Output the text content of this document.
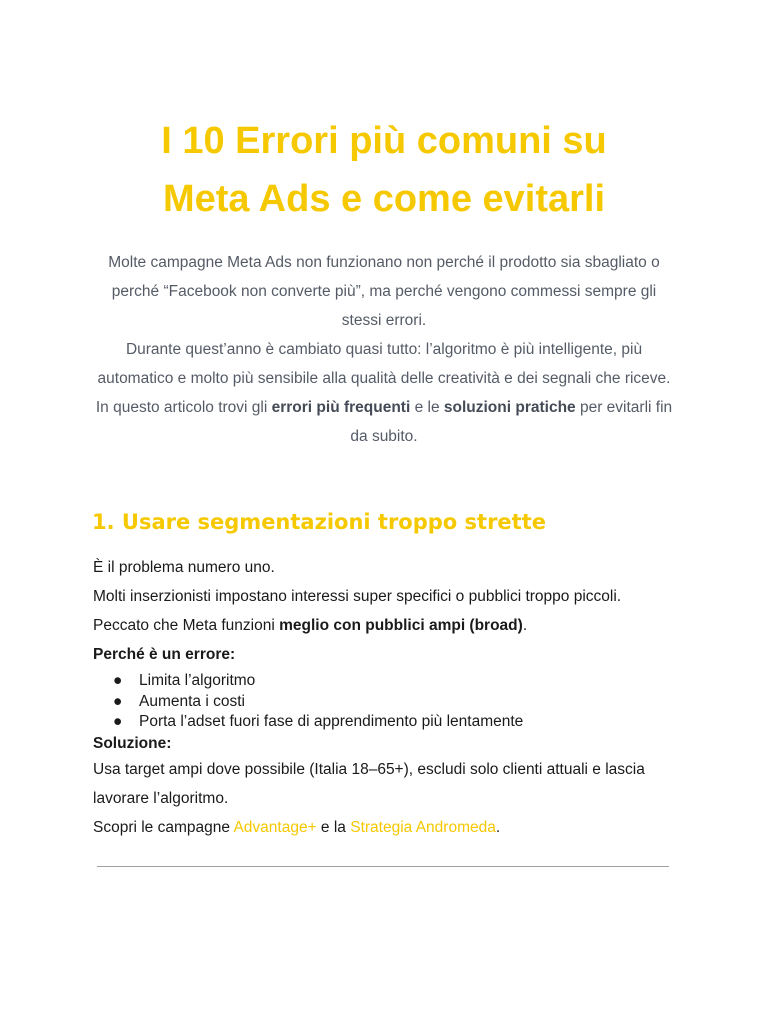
I 10 Errori più comuni su
Meta Ads e come evitarli

Molte campagne Meta Ads non funzionano non perché il prodotto sia sbagliato o perché “Facebook non converte più”, ma perché vengono commessi sempre gli stessi errori.

Durante quest’anno è cambiato quasi tutto: l’algoritmo è più intelligente, più automatico e molto più sensibile alla qualità delle creatività e dei segnali che riceve.

In questo articolo trovi gli errori più frequenti e le soluzioni pratiche per evitarli fin da subito.

1. Usare segmentazioni troppo strette

È il problema numero uno.

Molti inserzionisti impostano interessi super specifici o pubblici troppo piccoli.

Peccato che Meta funzioni meglio con pubblici ampi (broad).

Perché è un errore:

● Limita l’algoritmo
● Aumenta i costi
● Porta l’adset fuori fase di apprendimento più lentamente

Soluzione:

Usa target ampi dove possibile (Italia 18–65+), escludi solo clienti attuali e lascia lavorare l’algoritmo.

Scopri le campagne Advantage+ e la Strategia Andromeda.
